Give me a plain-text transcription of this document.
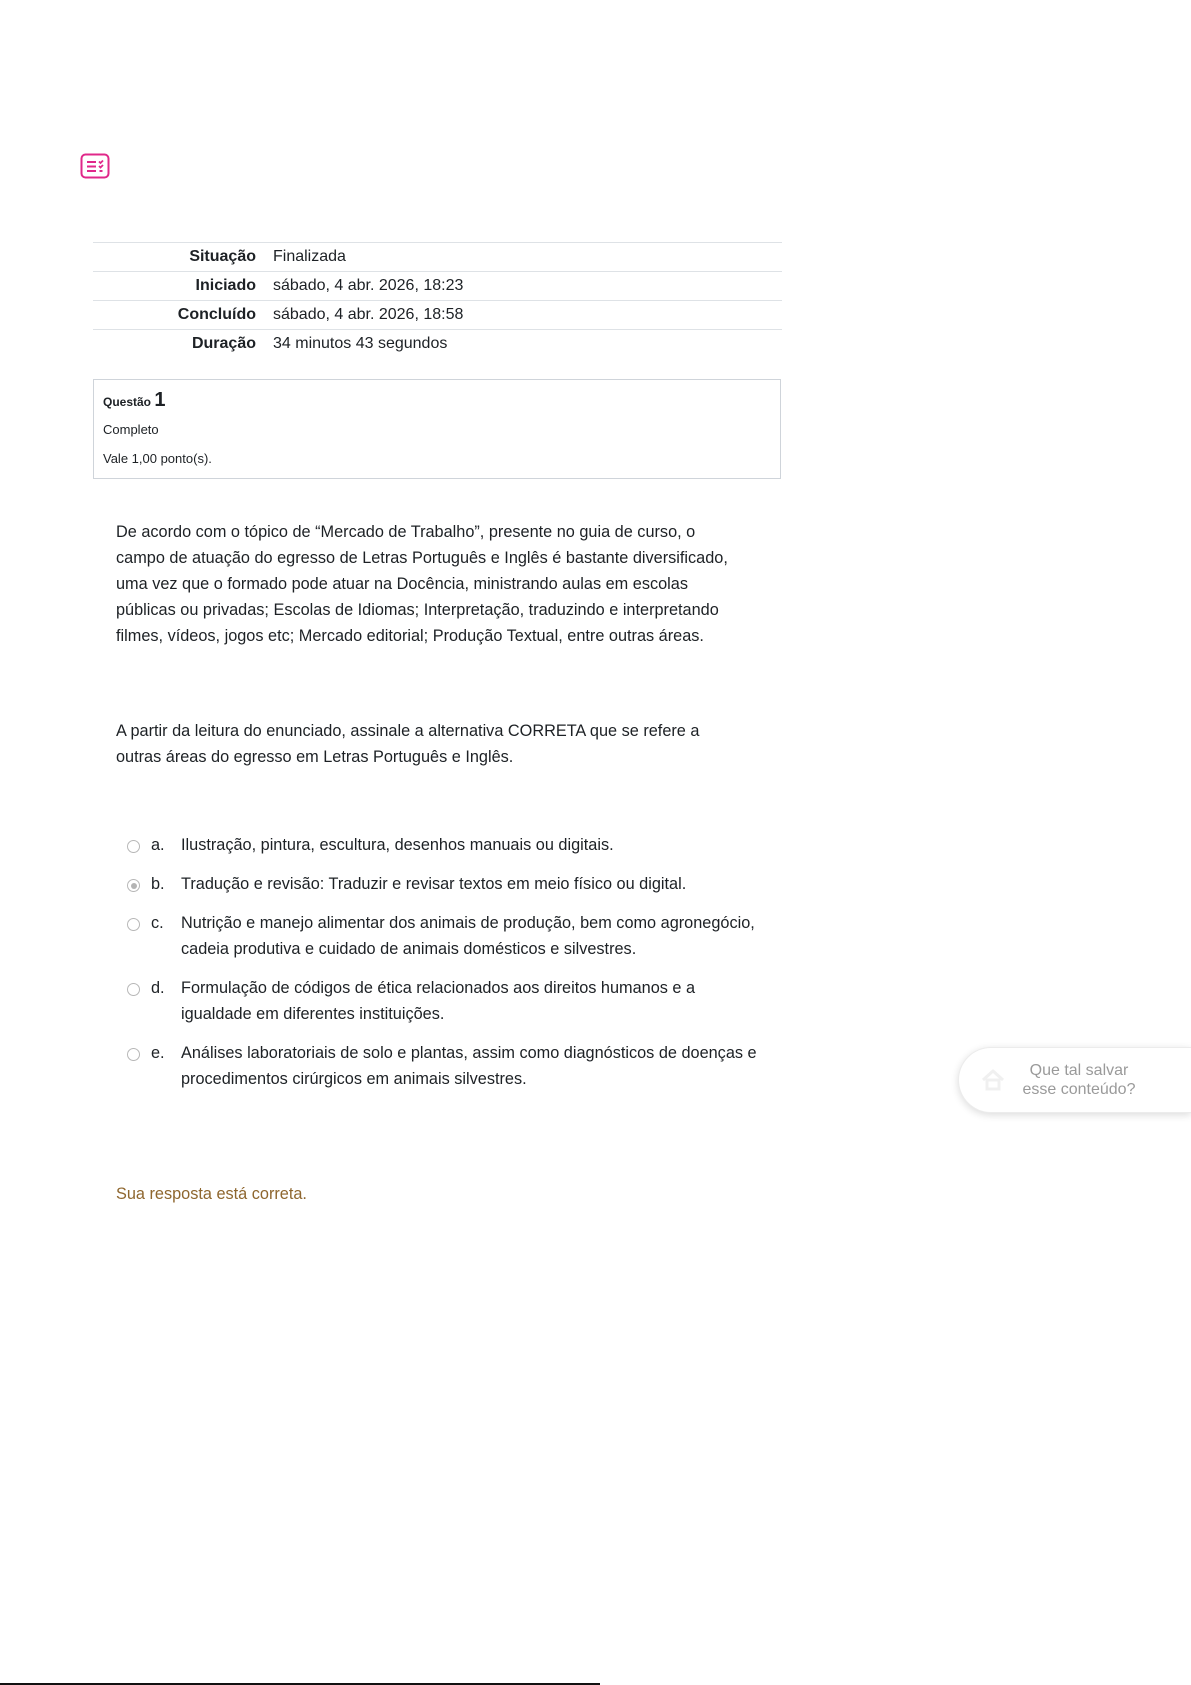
Situação	Finalizada
Iniciado	sábado, 4 abr. 2026, 18:23
Concluído	sábado, 4 abr. 2026, 18:58
Duração	34 minutos 43 segundos
Questão 1
Completo
Vale 1,00 ponto(s).

De acordo com o tópico de “Mercado de Trabalho”, presente no guia de curso, o campo de atuação do egresso de Letras Português e Inglês é bastante diversificado, uma vez que o formado pode atuar na Docência, ministrando aulas em escolas públicas ou privadas; Escolas de Idiomas; Interpretação, traduzindo e interpretando filmes, vídeos, jogos etc; Mercado editorial; Produção Textual, entre outras áreas.

A partir da leitura do enunciado, assinale a alternativa CORRETA que se refere a outras áreas do egresso em Letras Português e Inglês.

a. Ilustração, pintura, escultura, desenhos manuais ou digitais.
b. Tradução e revisão: Traduzir e revisar textos em meio físico ou digital.
c. Nutrição e manejo alimentar dos animais de produção, bem como agronegócio, cadeia produtiva e cuidado de animais domésticos e silvestres.
d. Formulação de códigos de ética relacionados aos direitos humanos e a igualdade em diferentes instituições.
e. Análises laboratoriais de solo e plantas, assim como diagnósticos de doenças e procedimentos cirúrgicos em animais silvestres.

Sua resposta está correta.

Que tal salvar esse conteúdo?
